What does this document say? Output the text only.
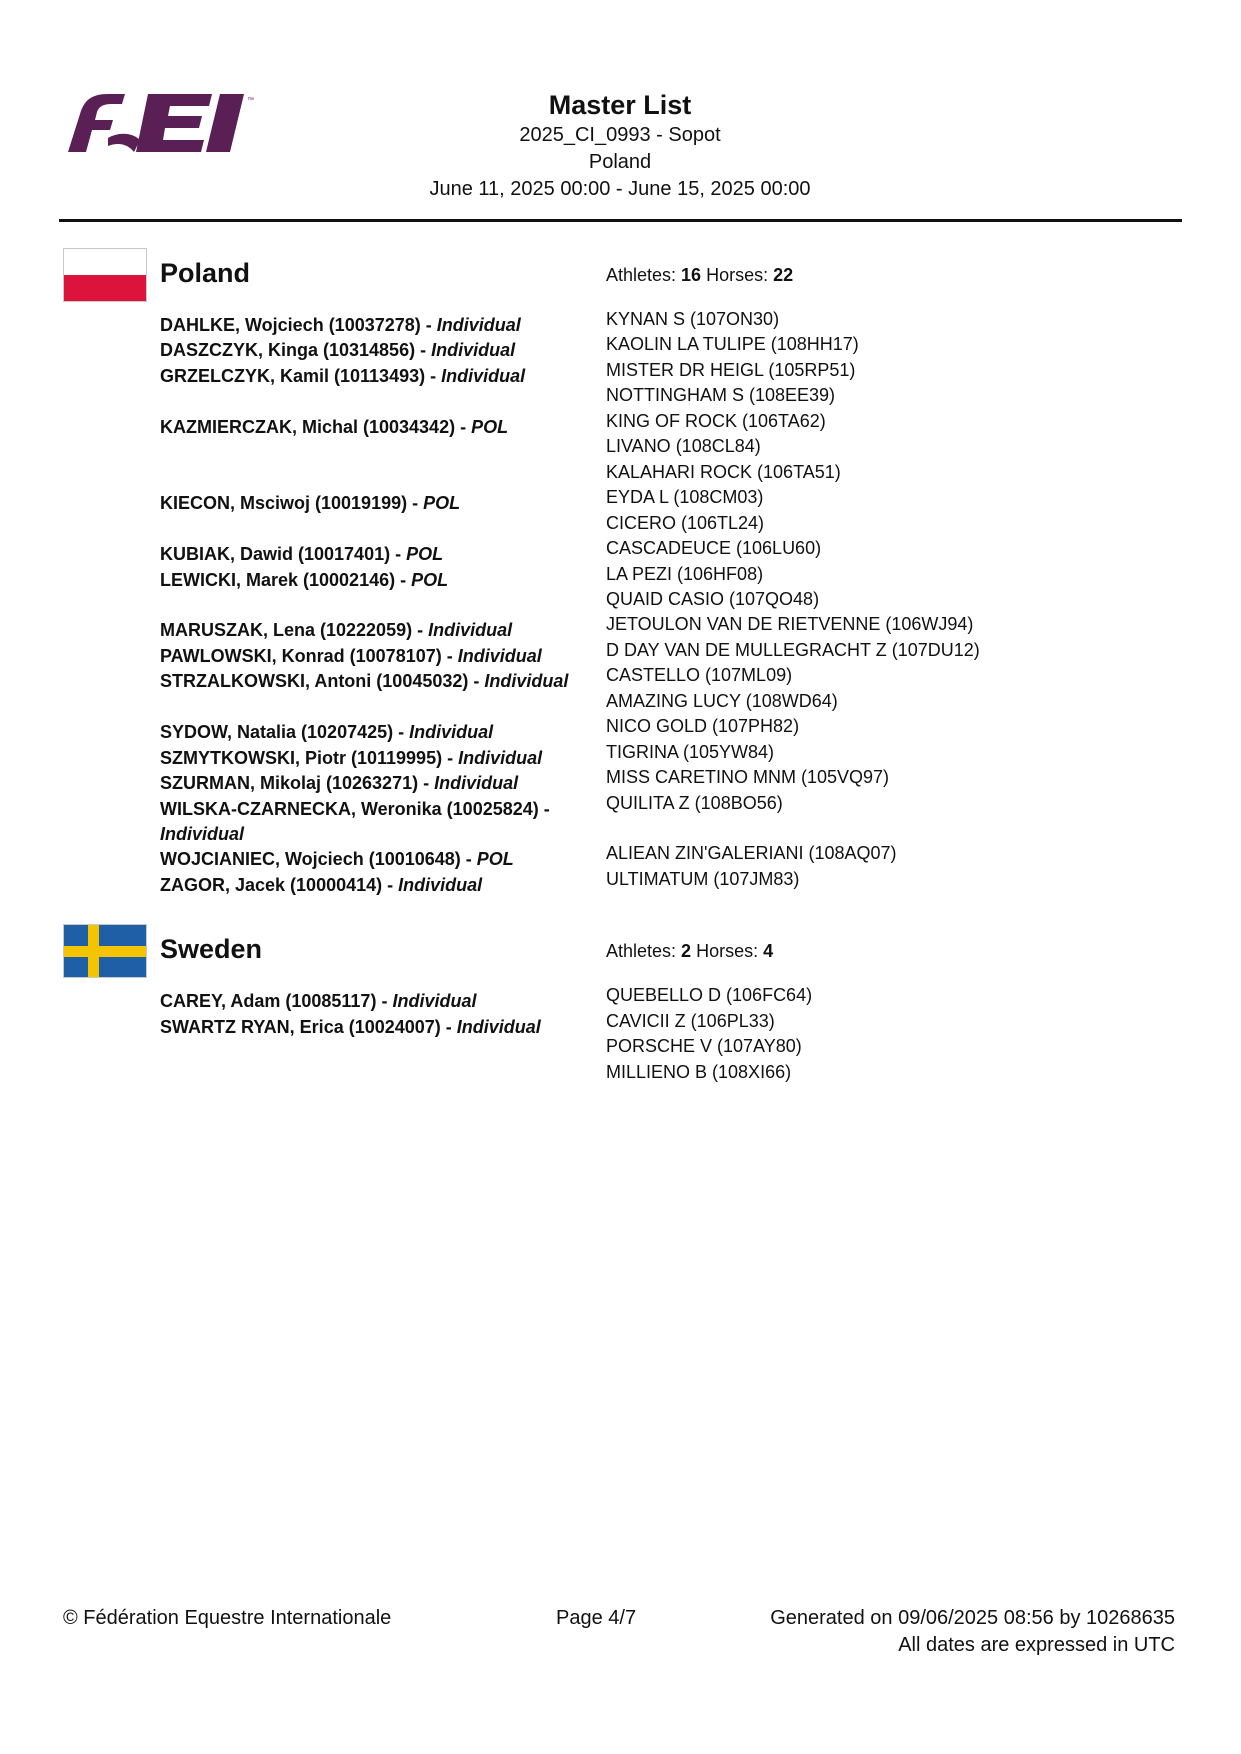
™	Master List
2025_CI_0993 - Sopot
Poland
June 11, 2025 00:00 - June 15, 2025 00:00
Poland	Athletes: 16 Horses: 22
DAHLKE, Wojciech (10037278) - Individual	KYNAN S (107ON30)
DASZCZYK, Kinga (10314856) - Individual	KAOLIN LA TULIPE (108HH17)
GRZELCZYK, Kamil (10113493) - Individual	MISTER DR HEIGL (105RP51)
NOTTINGHAM S (108EE39)
KAZMIERCZAK, Michal (10034342) - POL	KING OF ROCK (106TA62)
LIVANO (108CL84)
KALAHARI ROCK (106TA51)
KIECON, Msciwoj (10019199) - POL	EYDA L (108CM03)
CICERO (106TL24)
KUBIAK, Dawid (10017401) - POL	CASCADEUCE (106LU60)
LEWICKI, Marek (10002146) - POL	LA PEZI (106HF08)
QUAID CASIO (107QO48)
MARUSZAK, Lena (10222059) - Individual	JETOULON VAN DE RIETVENNE (106WJ94)
PAWLOWSKI, Konrad (10078107) - Individual	D DAY VAN DE MULLEGRACHT Z (107DU12)
STRZALKOWSKI, Antoni (10045032) - Individual	CASTELLO (107ML09)
AMAZING LUCY (108WD64)
SYDOW, Natalia (10207425) - Individual	NICO GOLD (107PH82)
SZMYTKOWSKI, Piotr (10119995) - Individual	TIGRINA (105YW84)
SZURMAN, Mikolaj (10263271) - Individual	MISS CARETINO MNM (105VQ97)
WILSKA-CZARNECKA, Weronika (10025824) - Individual
QUILITA Z (108BO56)
WOJCIANIEC, Wojciech (10010648) - POL	ALIEAN ZIN'GALERIANI (108AQ07)
ZAGOR, Jacek (10000414) - Individual	ULTIMATUM (107JM83)
Sweden	Athletes: 2 Horses: 4
CAREY, Adam (10085117) - Individual	QUEBELLO D (106FC64)
SWARTZ RYAN, Erica (10024007) - Individual	CAVICII Z (106PL33)
PORSCHE V (107AY80)
MILLIENO B (108XI66)
© Fédération Equestre Internationale	Page 4/7	Generated on 09/06/2025 08:56 by 10268635
All dates are expressed in UTC
